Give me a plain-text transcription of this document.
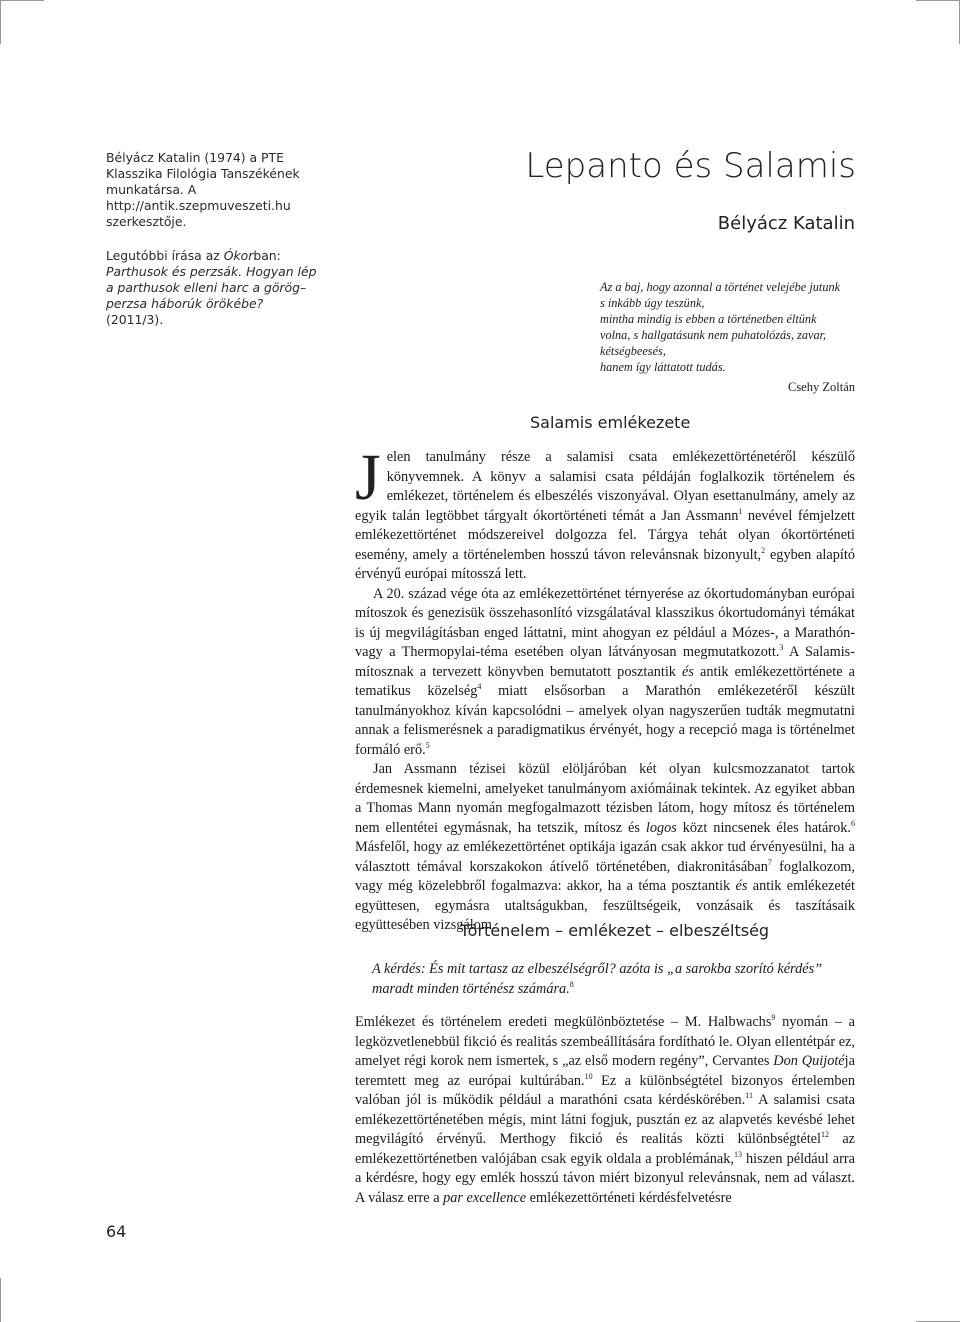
Bélyácz Katalin (1974) a PTE Klasszika Filológia Tanszékének munkatársa. A http://antik.szepmuveszeti.hu szerkesztője.

Legutóbbi írása az Ókorban: Parthusok és perzsák. Hogyan lép a parthusok elleni harc a görög–perzsa háborúk örökébe? (2011/3).

Lepanto és Salamis
Bélyácz Katalin
Az a baj, hogy azonnal a történet velejébe jutunk
s inkább úgy teszünk,
mintha mindig is ebben a történetben éltünk
volna, s hallgatásunk nem puhatolózás, zavar,
kétségbeesés,
hanem így láttatott tudás.
Csehy Zoltán
Salamis emlékezete

Jelen tanulmány része a salamisi csata emlékezettörténetéről készülő könyvemnek. A könyv a salamisi csata példáján foglalkozik történelem és emlékezet, történelem és elbeszélés viszonyával. Olyan esettanulmány, amely az egyik talán legtöbbet tárgyalt ókortörténeti témát a Jan Assmann$^1$ nevével fémjelzett emlékezettörténet módszereivel dolgozza fel. Tárgya tehát olyan ókortörténeti esemény, amely a történelemben hosszú távon relevánsnak bizonyult,$^2$ egyben alapító érvényű európai mítosszá lett.

A 20. század vége óta az emlékezettörténet térnyerése az ókortudományban európai mítoszok és genezisük összehasonlító vizsgálatával klasszikus ókortudományi témákat is új megvilágításban enged láttatni, mint ahogyan ez például a Mózes-, a Marathón- vagy a Thermopylai-téma esetében olyan látványosan megmutatkozott.$^3$ A Salamis-mítosznak a tervezett könyvben bemutatott posztantik és antik emlékezettörténete a tematikus közelség$^4$ miatt elsősorban a Marathón emlékezetéről készült tanulmányokhoz kíván kapcsolódni – amelyek olyan nagyszerűen tudták megmutatni annak a felismerésnek a paradigmatikus érvényét, hogy a recepció maga is történelmet formáló erő.$^5$

Jan Assmann tézisei közül elöljáróban két olyan kulcsmozzanatot tartok érdemesnek kiemelni, amelyeket tanulmányom axiómáinak tekintek. Az egyiket abban a Thomas Mann nyomán megfogalmazott tézisben látom, hogy mítosz és történelem nem ellentétei egymásnak, ha tetszik, mítosz és logos közt nincsenek éles határok.$^6$ Másfelől, hogy az emlékezettörténet optikája igazán csak akkor tud érvényesülni, ha a választott témával korszakokon átívelő történetében, diakronitásában$^7$ foglalkozom, vagy még közelebbről fogalmazva: akkor, ha a téma posztantik és antik emlékezetét együttesen, egymásra utaltságukban, feszültségeik, vonzásaik és taszításaik együttesében vizsgálom.

Történelem – emlékezet – elbeszéltség
A kérdés: És mit tartasz az elbeszélségről? azóta is „a sarokba szorító kérdés” maradt minden történész számára.$^8$

Emlékezet és történelem eredeti megkülönböztetése – M. Halbwachs$^9$ nyomán – a legközvetlenebbül fikció és realitás szembeállítására fordítható le. Olyan ellentétpár ez, amelyet régi korok nem ismertek, s „az első modern regény”, Cervantes Don Quijotéja teremtett meg az európai kultúrában.$^{10}$ Ez a különbségtétel bizonyos értelemben valóban jól is működik például a marathóni csata kérdéskörében.$^{11}$ A salamisi csata emlékezettörténetében mégis, mint látni fogjuk, pusztán ez az alapvetés kevésbé lehet megvilágító érvényű. Merthogy fikció és realitás közti különbségtétel$^{12}$ az emlékezettörténetben valójában csak egyik oldala a problémának,$^{13}$ hiszen például arra a kérdésre, hogy egy emlék hosszú távon miért bizonyul relevánsnak, nem ad választ. A válasz erre a par excellence emlékezettörténeti kérdésfelvetésre

64
